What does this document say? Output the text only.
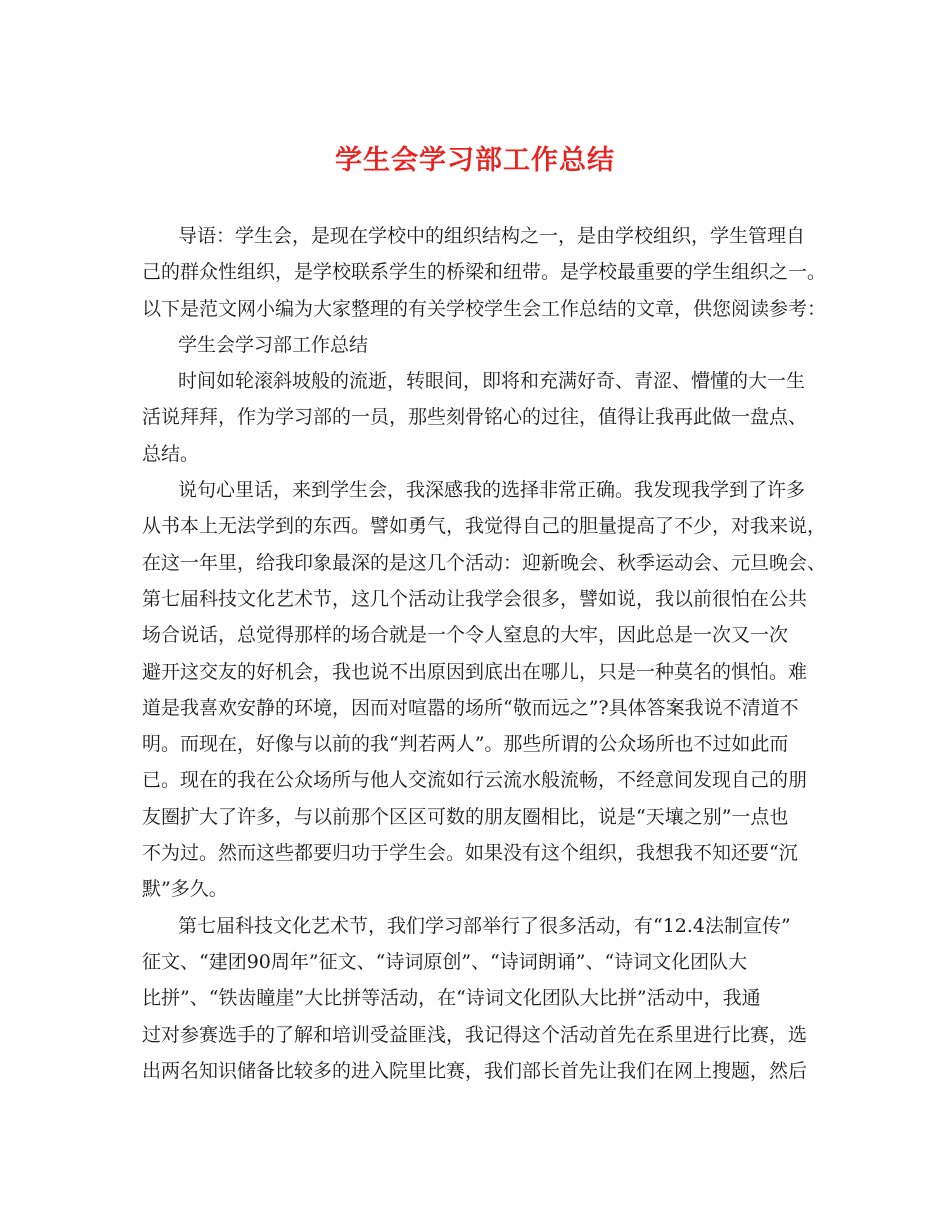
学生会学习部工作总结

导语：学生会，是现在学校中的组织结构之一，是由学校组织，学生管理自

己的群众性组织，是学校联系学生的桥梁和纽带。是学校最重要的学生组织之一。

以下是范文网小编为大家整理的有关学校学生会工作总结的文章，供您阅读参考：

学生会学习部工作总结

时间如轮滚斜坡般的流逝，转眼间，即将和充满好奇、青涩、懵懂的大一生

活说拜拜，作为学习部的一员，那些刻骨铭心的过往，值得让我再此做一盘点、

总结。

说句心里话，来到学生会，我深感我的选择非常正确。我发现我学到了许多

从书本上无法学到的东西。譬如勇气，我觉得自己的胆量提高了不少，对我来说，

在这一年里，给我印象最深的是这几个活动：迎新晚会、秋季运动会、元旦晚会、

第七届科技文化艺术节，这几个活动让我学会很多，譬如说，我以前很怕在公共

场合说话，总觉得那样的场合就是一个令人窒息的大牢，因此总是一次又一次

避开这交友的好机会，我也说不出原因到底出在哪儿，只是一种莫名的惧怕。难

道是我喜欢安静的环境，因而对喧嚣的场所“敬而远之”?具体答案我说不清道不

明。而现在，好像与以前的我“判若两人”。那些所谓的公众场所也不过如此而

已。现在的我在公众场所与他人交流如行云流水般流畅，不经意间发现自己的朋

友圈扩大了许多，与以前那个区区可数的朋友圈相比，说是“天壤之别”一点也

不为过。然而这些都要归功于学生会。如果没有这个组织，我想我不知还要“沉

默”多久。

第七届科技文化艺术节，我们学习部举行了很多活动，有“12.4法制宣传”

征文、“建团90周年”征文、“诗词原创”、“诗词朗诵”、“诗词文化团队大

比拼”、“铁齿瞳崖”大比拼等活动，在“诗词文化团队大比拼”活动中，我通

过对参赛选手的了解和培训受益匪浅，我记得这个活动首先在系里进行比赛，选

出两名知识储备比较多的进入院里比赛，我们部长首先让我们在网上搜题，然后
